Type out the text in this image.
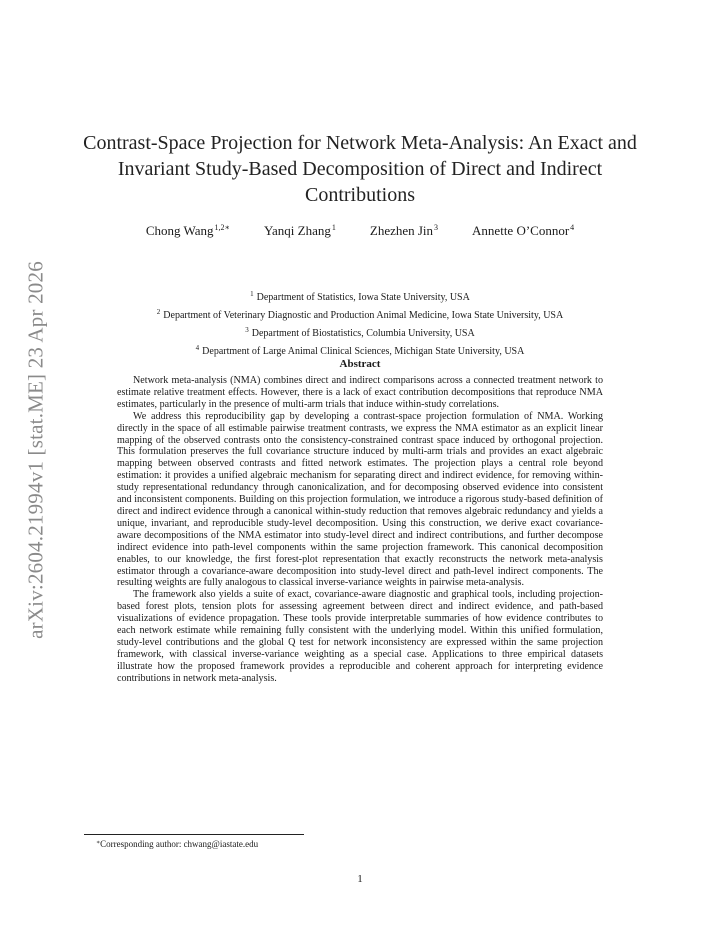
arXiv:2604.21994v1 [stat.ME] 23 Apr 2026
Contrast-Space Projection for Network Meta-Analysis: An Exact and Invariant Study-Based Decomposition of Direct and Indirect Contributions
Chong Wang$^{1,2∗}$	Yanqi Zhang$^1$	Zhezhen Jin$^3$	Annette O’Connor$^4$
$^1$ Department of Statistics, Iowa State University, USA
$^2$ Department of Veterinary Diagnostic and Production Animal Medicine, Iowa State University, USA
$^3$ Department of Biostatistics, Columbia University, USA
$^4$ Department of Large Animal Clinical Sciences, Michigan State University, USA
Abstract

Network meta-analysis (NMA) combines direct and indirect comparisons across a connected treatment network to estimate relative treatment effects. However, there is a lack of exact contribution decompositions that reproduce NMA estimates, particularly in the presence of multi-arm trials that induce within-study correlations.

We address this reproducibility gap by developing a contrast-space projection formulation of NMA. Working directly in the space of all estimable pairwise treatment contrasts, we express the NMA estimator as an explicit linear mapping of the observed contrasts onto the consistency-constrained contrast space induced by orthogonal projection. This formulation preserves the full covariance structure induced by multi-arm trials and provides an exact algebraic mapping between observed contrasts and fitted network estimates. The projection plays a central role beyond estimation: it provides a unified algebraic mechanism for separating direct and indirect evidence, for removing within-study representational redundancy through canonicalization, and for decomposing observed evidence into consistent and inconsistent components. Building on this projection formulation, we introduce a rigorous study-based definition of direct and indirect evidence through a canonical within-study reduction that removes algebraic redundancy and yields a unique, invariant, and reproducible study-level decomposition. Using this construction, we derive exact covariance-aware decompositions of the NMA estimator into study-level direct and indirect contributions, and further decompose indirect evidence into path-level components within the same projection framework. This canonical decomposition enables, to our knowledge, the first forest-plot representation that exactly reconstructs the network meta-analysis estimator through a covariance-aware decomposition into study-level direct and path-level indirect components. The resulting weights are fully analogous to classical inverse-variance weights in pairwise meta-analysis.

The framework also yields a suite of exact, covariance-aware diagnostic and graphical tools, including projection-based forest plots, tension plots for assessing agreement between direct and indirect evidence, and path-based visualizations of evidence propagation. These tools provide interpretable summaries of how evidence contributes to each network estimate while remaining fully consistent with the underlying model. Within this unified formulation, study-level contributions and the global Q test for network inconsistency are expressed within the same projection framework, with classical inverse-variance weighting as a special case. Applications to three empirical datasets illustrate how the proposed framework provides a reproducible and coherent approach for interpreting evidence contributions in network meta-analysis.

∗Corresponding author: chwang@iastate.edu
1
